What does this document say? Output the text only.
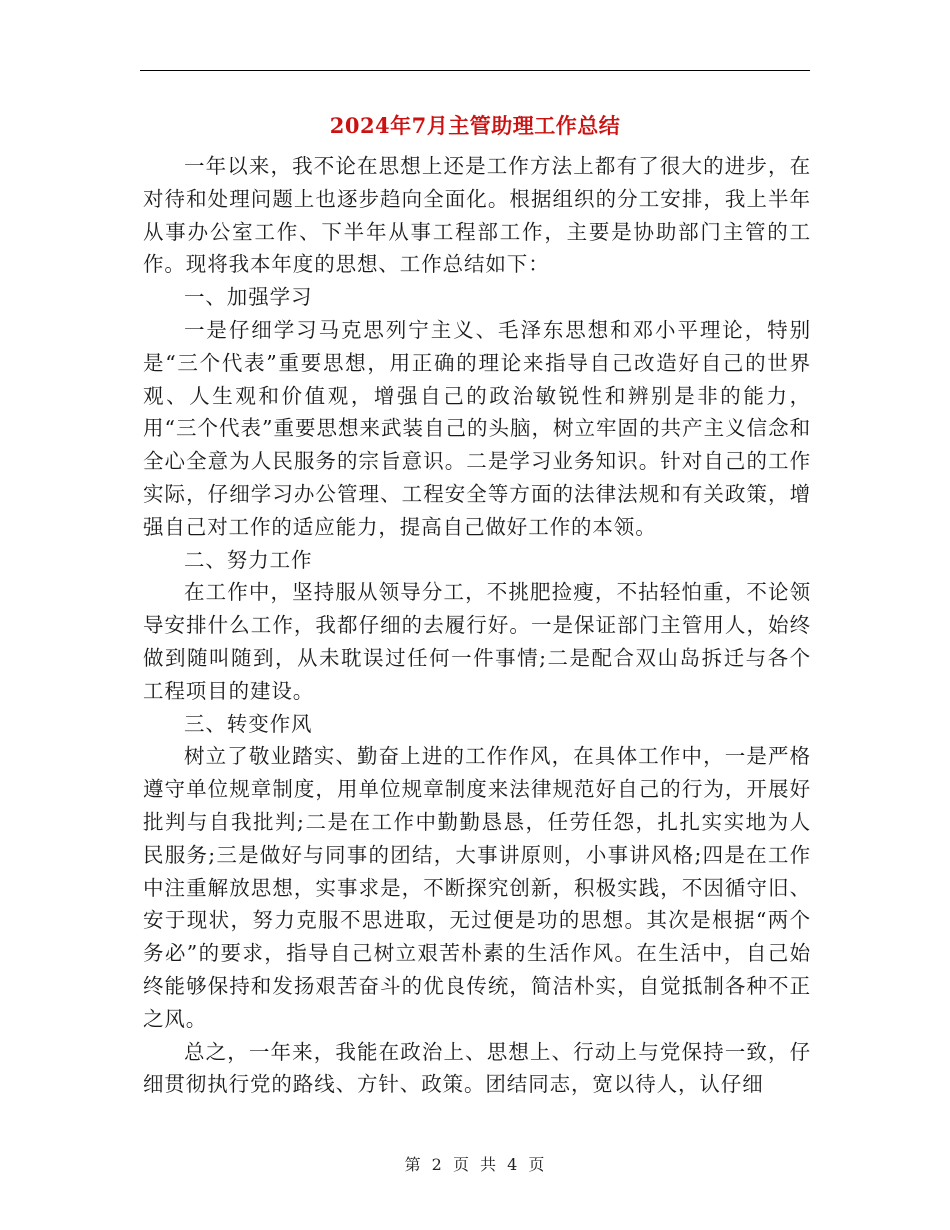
2024年7月主管助理工作总结

一年以来，我不论在思想上还是工作方法上都有了很大的进步，在对待和处理问题上也逐步趋向全面化。根据组织的分工安排，我上半年从事办公室工作、下半年从事工程部工作，主要是协助部门主管的工作。现将我本年度的思想、工作总结如下：

一、加强学习

一是仔细学习马克思列宁主义、毛泽东思想和邓小平理论，特别是“三个代表”重要思想，用正确的理论来指导自己改造好自己的世界观、人生观和价值观，增强自己的政治敏锐性和辨别是非的能力，用“三个代表”重要思想来武装自己的头脑，树立牢固的共产主义信念和全心全意为人民服务的宗旨意识。二是学习业务知识。针对自己的工作实际，仔细学习办公管理、工程安全等方面的法律法规和有关政策，增强自己对工作的适应能力，提高自己做好工作的本领。

二、努力工作

在工作中，坚持服从领导分工，不挑肥捡瘦，不拈轻怕重，不论领导安排什么工作，我都仔细的去履行好。一是保证部门主管用人，始终做到随叫随到，从未耽误过任何一件事情;二是配合双山岛拆迁与各个工程项目的建设。

三、转变作风

树立了敬业踏实、勤奋上进的工作作风，在具体工作中，一是严格遵守单位规章制度，用单位规章制度来法律规范好自己的行为，开展好批判与自我批判;二是在工作中勤勤恳恳，任劳任怨，扎扎实实地为人民服务;三是做好与同事的团结，大事讲原则，小事讲风格;四是在工作中注重解放思想，实事求是，不断探究创新，积极实践，不因循守旧、安于现状，努力克服不思进取，无过便是功的思想。其次是根据“两个务必”的要求，指导自己树立艰苦朴素的生活作风。在生活中，自己始终能够保持和发扬艰苦奋斗的优良传统，简洁朴实，自觉抵制各种不正之风。

总之，一年来，我能在政治上、思想上、行动上与党保持一致，仔细贯彻执行党的路线、方针、政策。团结同志，宽以待人，认仔细

第 2 页 共 4 页
